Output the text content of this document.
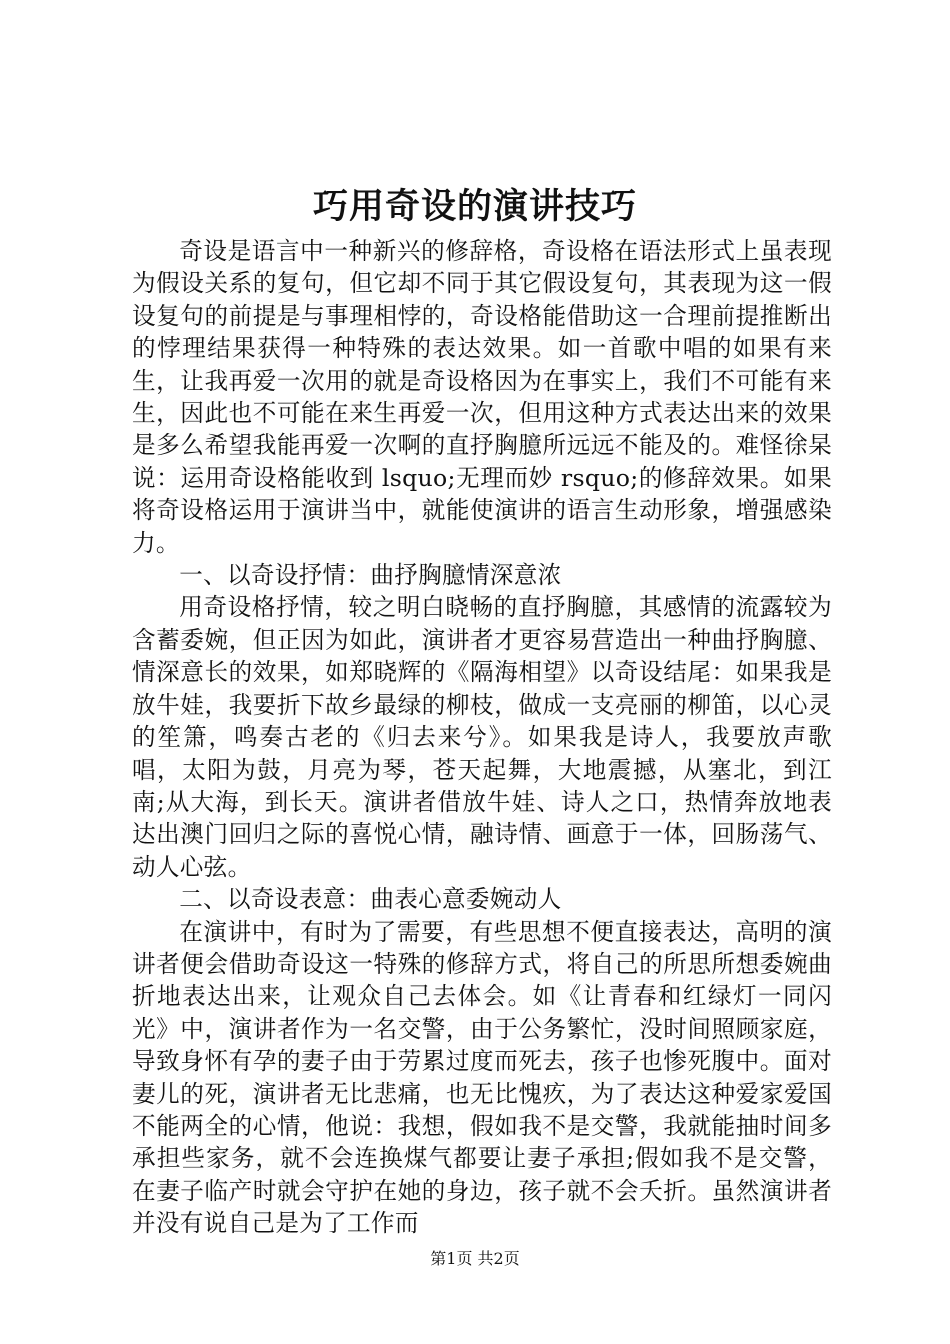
巧用奇设的演讲技巧

奇设是语言中一种新兴的修辞格，奇设格在语法形式上虽表现为假设关系的复句，但它却不同于其它假设复句，其表现为这一假设复句的前提是与事理相悖的，奇设格能借助这一合理前提推断出的悖理结果获得一种特殊的表达效果。如一首歌中唱的如果有来生，让我再爱一次用的就是奇设格因为在事实上，我们不可能有来生，因此也不可能在来生再爱一次，但用这种方式表达出来的效果是多么希望我能再爱一次啊的直抒胸臆所远远不能及的。难怪徐杲说：运用奇设格能收到 lsquo;无理而妙 rsquo;的修辞效果。如果将奇设格运用于演讲当中，就能使演讲的语言生动形象，增强感染力。

一、以奇设抒情：曲抒胸臆情深意浓

用奇设格抒情，较之明白晓畅的直抒胸臆，其感情的流露较为含蓄委婉，但正因为如此，演讲者才更容易营造出一种曲抒胸臆、情深意长的效果，如郑晓辉的《隔海相望》以奇设结尾：如果我是放牛娃，我要折下故乡最绿的柳枝，做成一支亮丽的柳笛，以心灵的笙箫，鸣奏古老的《归去来兮》。如果我是诗人，我要放声歌唱，太阳为鼓，月亮为琴，苍天起舞，大地震撼，从塞北，到江南;从大海，到长天。演讲者借放牛娃、诗人之口，热情奔放地表达出澳门回归之际的喜悦心情，融诗情、画意于一体，回肠荡气、动人心弦。

二、以奇设表意：曲表心意委婉动人

在演讲中，有时为了需要，有些思想不便直接表达，高明的演讲者便会借助奇设这一特殊的修辞方式，将自己的所思所想委婉曲折地表达出来，让观众自己去体会。如《让青春和红绿灯一同闪光》中，演讲者作为一名交警，由于公务繁忙，没时间照顾家庭，导致身怀有孕的妻子由于劳累过度而死去，孩子也惨死腹中。面对妻儿的死，演讲者无比悲痛，也无比愧疚，为了表达这种爱家爱国不能两全的心情，他说：我想，假如我不是交警，我就能抽时间多承担些家务，就不会连换煤气都要让妻子承担;假如我不是交警，在妻子临产时就会守护在她的身边，孩子就不会夭折。虽然演讲者并没有说自己是为了工作而

第1页 共2页
